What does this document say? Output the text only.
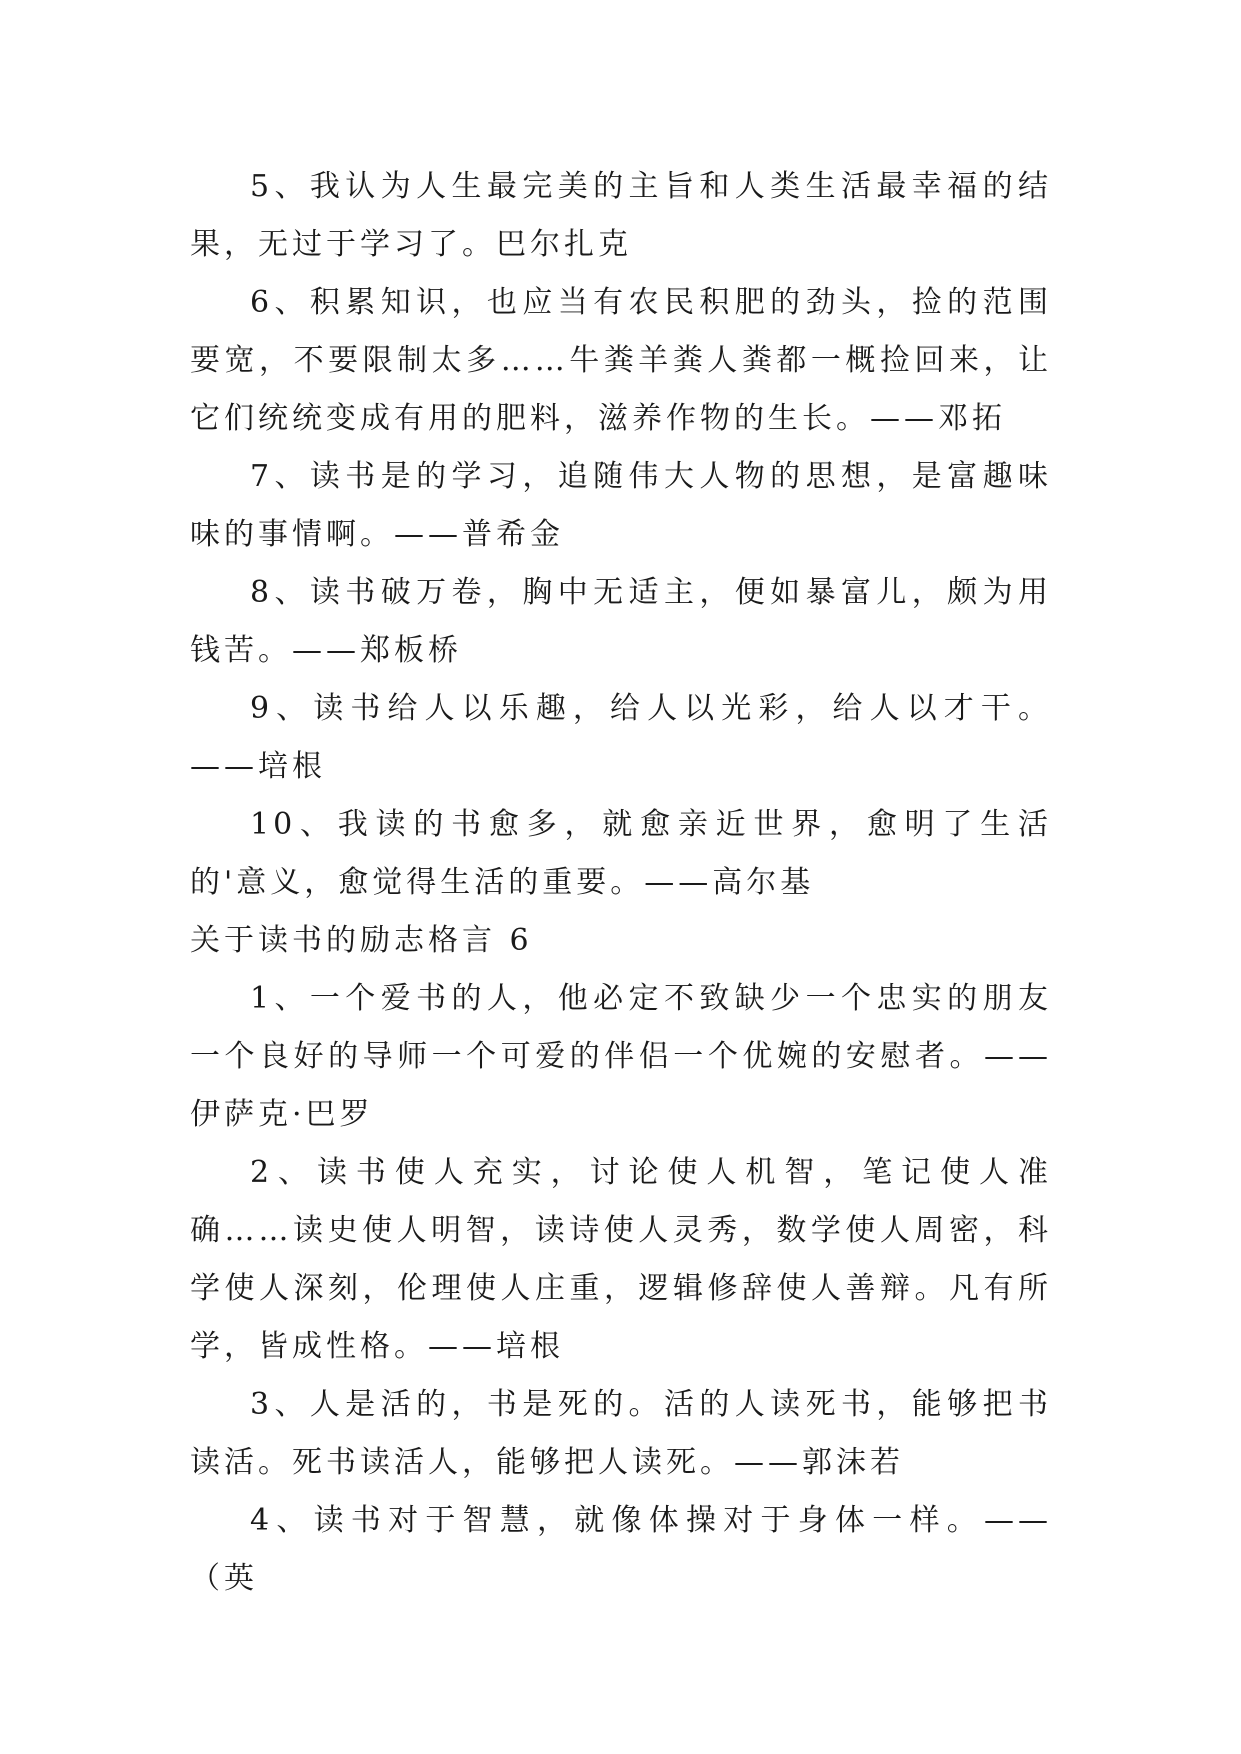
5、我认为人生最完美的主旨和人类生活最幸福的结果，无过于学习了。巴尔扎克

6、积累知识，也应当有农民积肥的劲头，捡的范围要宽，不要限制太多……牛粪羊粪人粪都一概捡回来，让它们统统变成有用的肥料，滋养作物的生长。——邓拓

7、读书是的学习，追随伟大人物的思想，是富趣味味的事情啊。——普希金

8、读书破万卷，胸中无适主，便如暴富儿，颇为用钱苦。——郑板桥

9、读书给人以乐趣，给人以光彩，给人以才干。——培根

10、我读的书愈多，就愈亲近世界，愈明了生活的'意义，愈觉得生活的重要。——高尔基

关于读书的励志格言 6

1、一个爱书的人，他必定不致缺少一个忠实的朋友一个良好的导师一个可爱的伴侣一个优婉的安慰者。——伊萨克·巴罗

2、读书使人充实，讨论使人机智，笔记使人准确……读史使人明智，读诗使人灵秀，数学使人周密，科学使人深刻，伦理使人庄重，逻辑修辞使人善辩。凡有所学，皆成性格。——培根

3、人是活的，书是死的。活的人读死书，能够把书读活。死书读活人，能够把人读死。——郭沫若

4、读书对于智慧，就像体操对于身体一样。——（英
